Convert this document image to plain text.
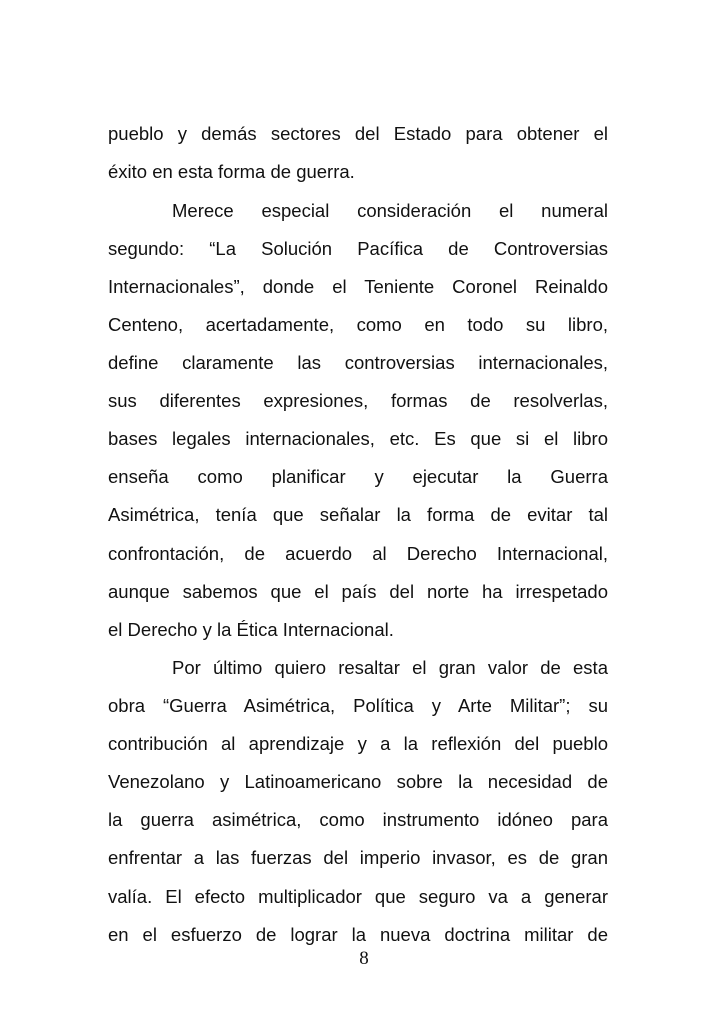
pueblo y demás sectores del Estado para obtener el
éxito en esta forma de guerra.
Merece especial consideración el numeral
segundo: “La Solución Pacífica de Controversias
Internacionales”, donde el Teniente Coronel Reinaldo
Centeno, acertadamente, como en todo su libro,
define claramente las controversias internacionales,
sus diferentes expresiones, formas de resolverlas,
bases legales internacionales, etc. Es que si el libro
enseña como planificar y ejecutar la Guerra
Asimétrica, tenía que señalar la forma de evitar tal
confrontación, de acuerdo al Derecho Internacional,
aunque sabemos que el país del norte ha irrespetado
el Derecho y la Ética Internacional.
Por último quiero resaltar el gran valor de esta
obra “Guerra Asimétrica, Política y Arte Militar”; su
contribución al aprendizaje y a la reflexión del pueblo
Venezolano y Latinoamericano sobre la necesidad de
la guerra asimétrica, como instrumento idóneo para
enfrentar a las fuerzas del imperio invasor, es de gran
valía. El efecto multiplicador que seguro va a generar
en el esfuerzo de lograr la nueva doctrina militar de
8
